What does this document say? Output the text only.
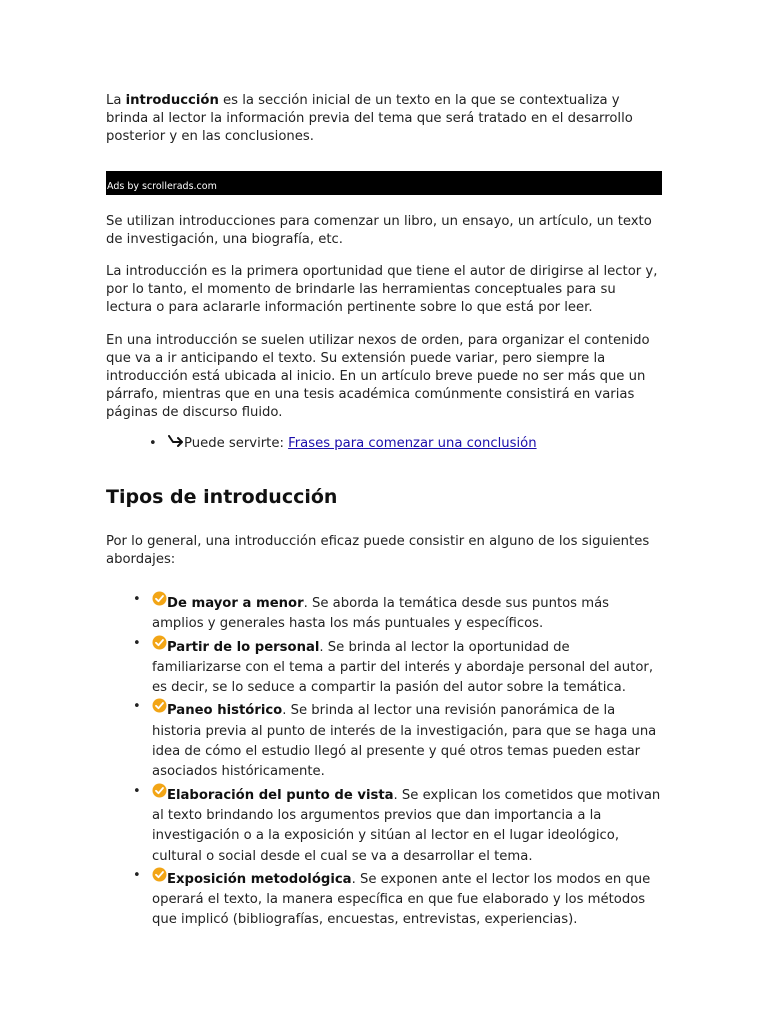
La introducción es la sección inicial de un texto en la que se contextualiza y brinda al lector la información previa del tema que será tratado en el desarrollo posterior y en las conclusiones.

Ads by scrollerads.com

Se utilizan introducciones para comenzar un libro, un ensayo, un artículo, un texto de investigación, una biografía, etc.

La introducción es la primera oportunidad que tiene el autor de dirigirse al lector y, por lo tanto, el momento de brindarle las herramientas conceptuales para su lectura o para aclararle información pertinente sobre lo que está por leer.

En una introducción se suelen utilizar nexos de orden, para organizar el contenido que va a ir anticipando el texto. Su extensión puede variar, pero siempre la introducción está ubicada al inicio. En un artículo breve puede no ser más que un párrafo, mientras que en una tesis académica comúnmente consistirá en varias páginas de discurso fluido.

• Puede servirte: Frases para comenzar una conclusión
Tipos de introducción

Por lo general, una introducción eficaz puede consistir en alguno de los siguientes abordajes:

• De mayor a menor. Se aborda la temática desde sus puntos más amplios y generales hasta los más puntuales y específicos.
• Partir de lo personal. Se brinda al lector la oportunidad de familiarizarse con el tema a partir del interés y abordaje personal del autor, es decir, se lo seduce a compartir la pasión del autor sobre la temática.
• Paneo histórico. Se brinda al lector una revisión panorámica de la historia previa al punto de interés de la investigación, para que se haga una idea de cómo el estudio llegó al presente y qué otros temas pueden estar asociados históricamente.
• Elaboración del punto de vista. Se explican los cometidos que motivan al texto brindando los argumentos previos que dan importancia a la investigación o a la exposición y sitúan al lector en el lugar ideológico, cultural o social desde el cual se va a desarrollar el tema.
• Exposición metodológica. Se exponen ante el lector los modos en que operará el texto, la manera específica en que fue elaborado y los métodos que implicó (bibliografías, encuestas, entrevistas, experiencias).
